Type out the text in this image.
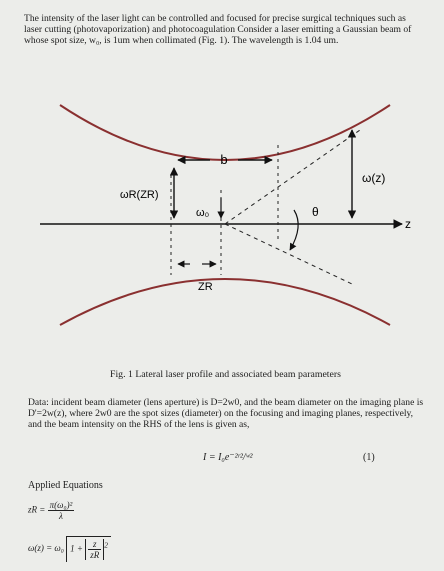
The intensity of the laser light can be controlled and focused for precise surgical techniques such as laser cutting (photovaporization) and photocoagulation Consider a laser emitting a Gaussian beam of whose spot size, w₀, is 1um when collimated (Fig. 1). The wavelength is 1.04 um.

b
ω(z)
ωR(ZR)
ω₀	θ
z
ZR

Fig. 1 Lateral laser profile and associated beam parameters

Data: incident beam diameter (lens aperture) is D=2w0, and the beam diameter on the imaging plane is D'=2w(z), where 2w0 are the spot sizes (diameter) on the focusing and imaging planes, respectively, and the beam intensity on the RHS of the lens is given as,

I = I₀e⁻²ʳ²/ʷ²	(1)

Applied Equations

zR = $\frac{\text{π(ω₀)²}}{\lambda}$
ω(z) = ω₀ $1 + \frac{z}{zR} ^2$
